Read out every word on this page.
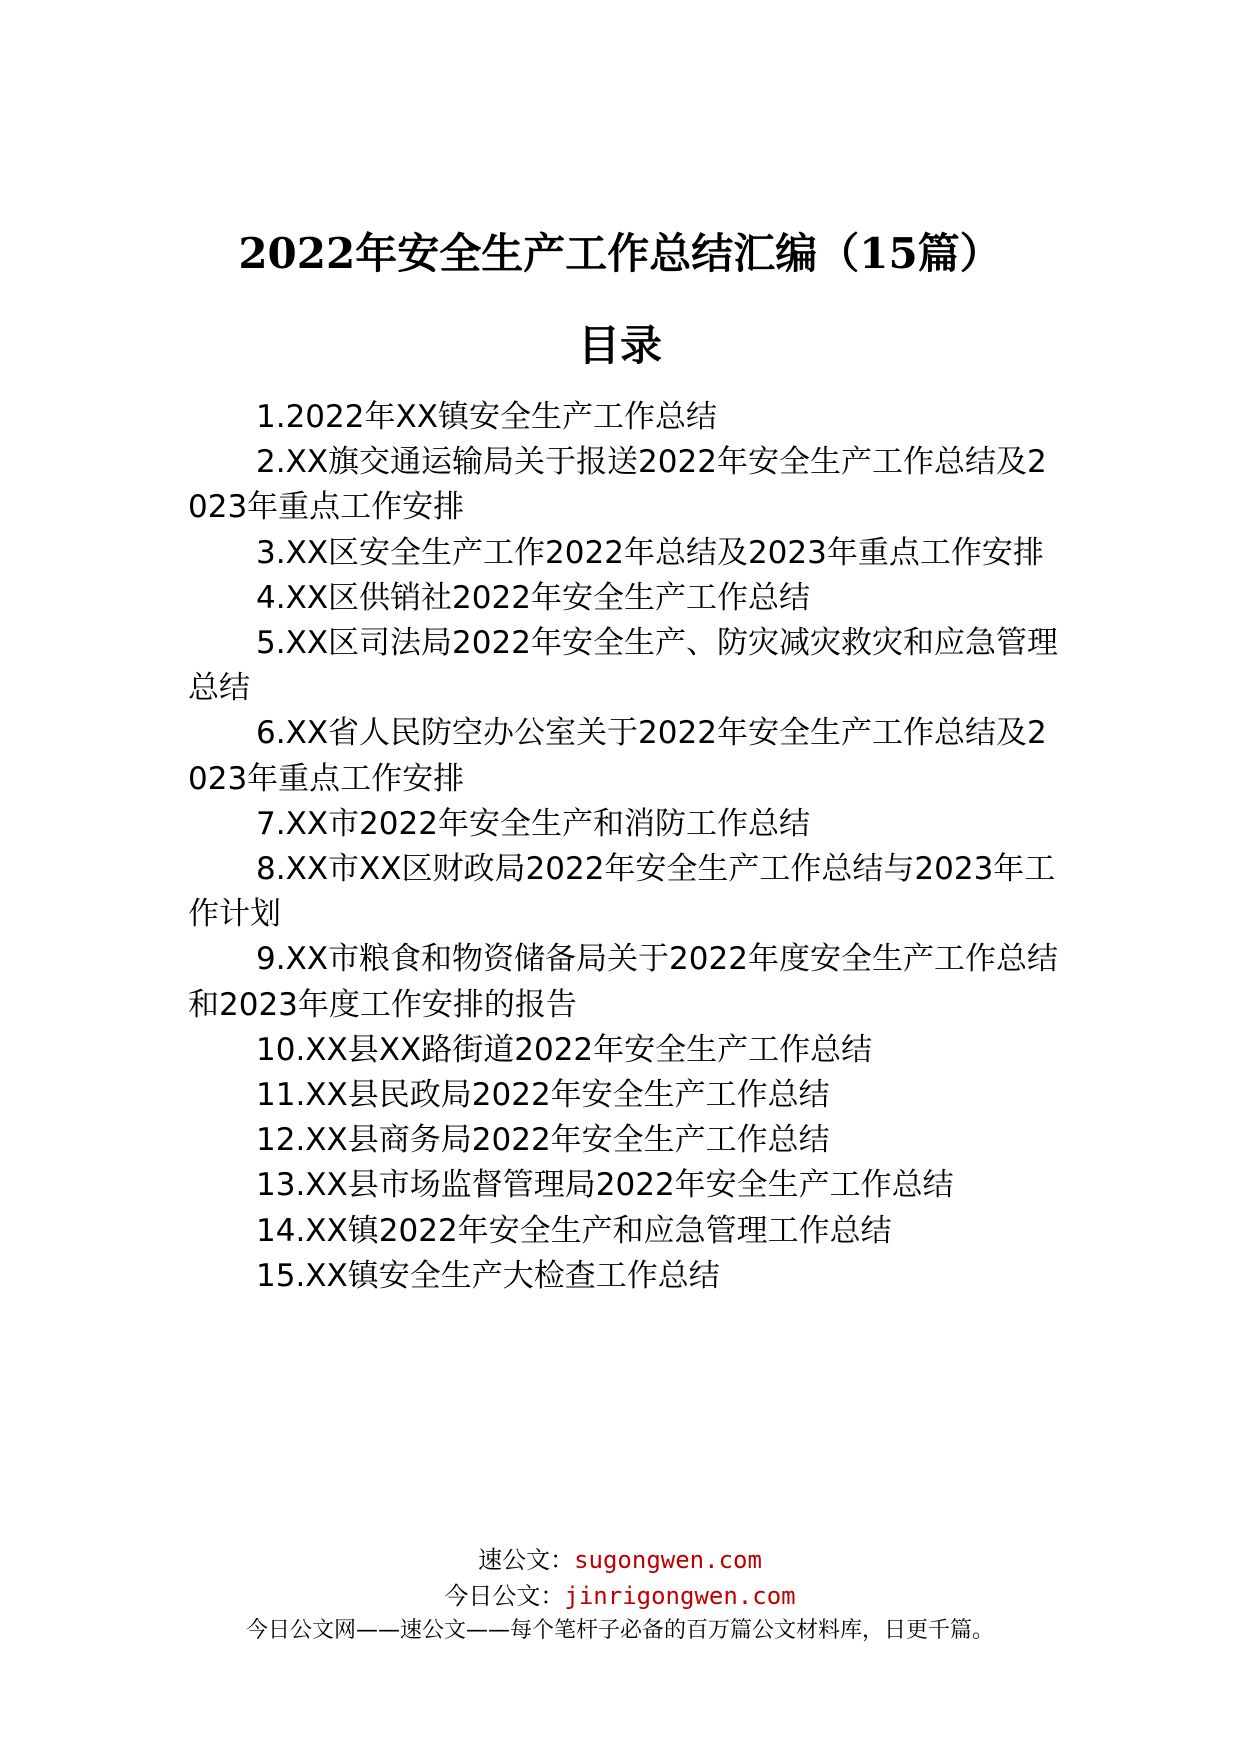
2022年安全生产工作总结汇编（15篇）
目录
1.2022年XX镇安全生产工作总结
2.XX旗交通运输局关于报送2022年安全生产工作总结及2023年重点工作安排
3.XX区安全生产工作2022年总结及2023年重点工作安排
4.XX区供销社2022年安全生产工作总结
5.XX区司法局2022年安全生产、防灾减灾救灾和应急管理总结
6.XX省人民防空办公室关于2022年安全生产工作总结及2023年重点工作安排
7.XX市2022年安全生产和消防工作总结
8.XX市XX区财政局2022年安全生产工作总结与2023年工作计划
9.XX市粮食和物资储备局关于2022年度安全生产工作总结和2023年度工作安排的报告
10.XX县XX路街道2022年安全生产工作总结
11.XX县民政局2022年安全生产工作总结
12.XX县商务局2022年安全生产工作总结
13.XX县市场监督管理局2022年安全生产工作总结
14.XX镇2022年安全生产和应急管理工作总结
15.XX镇安全生产大检查工作总结
速公文：sugongwen.com
今日公文：jinrigongwen.com
今日公文网——速公文——每个笔杆子必备的百万篇公文材料库，日更千篇。
